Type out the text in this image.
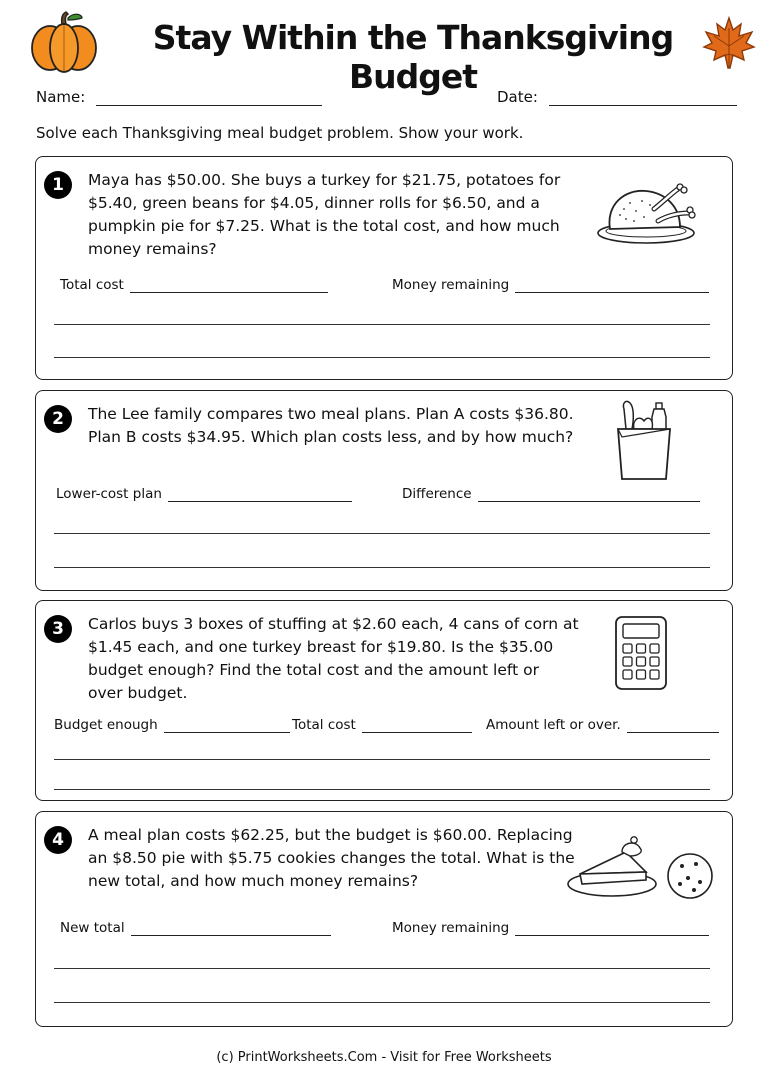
Stay Within the Thanksgiving Budget
Name:	Date:
Solve each Thanksgiving meal budget problem. Show your work.
1	Maya has $50.00. She buys a turkey for $21.75, potatoes for
$5.40, green beans for $4.05, dinner rolls for $6.50, and a
pumpkin pie for $7.25. What is the total cost, and how much
money remains?
Total cost	Money remaining
2	The Lee family compares two meal plans. Plan A costs $36.80.
Plan B costs $34.95. Which plan costs less, and by how much?
Lower-cost plan	Difference
3	Carlos buys 3 boxes of stuffing at $2.60 each, 4 cans of corn at
$1.45 each, and one turkey breast for $19.80. Is the $35.00
budget enough? Find the total cost and the amount left or
over budget.
Budget enough	Total cost	Amount left or over.
4	A meal plan costs $62.25, but the budget is $60.00. Replacing
an $8.50 pie with $5.75 cookies changes the total. What is the
new total, and how much money remains?
New total	Money remaining
(c) PrintWorksheets.Com - Visit for Free Worksheets
